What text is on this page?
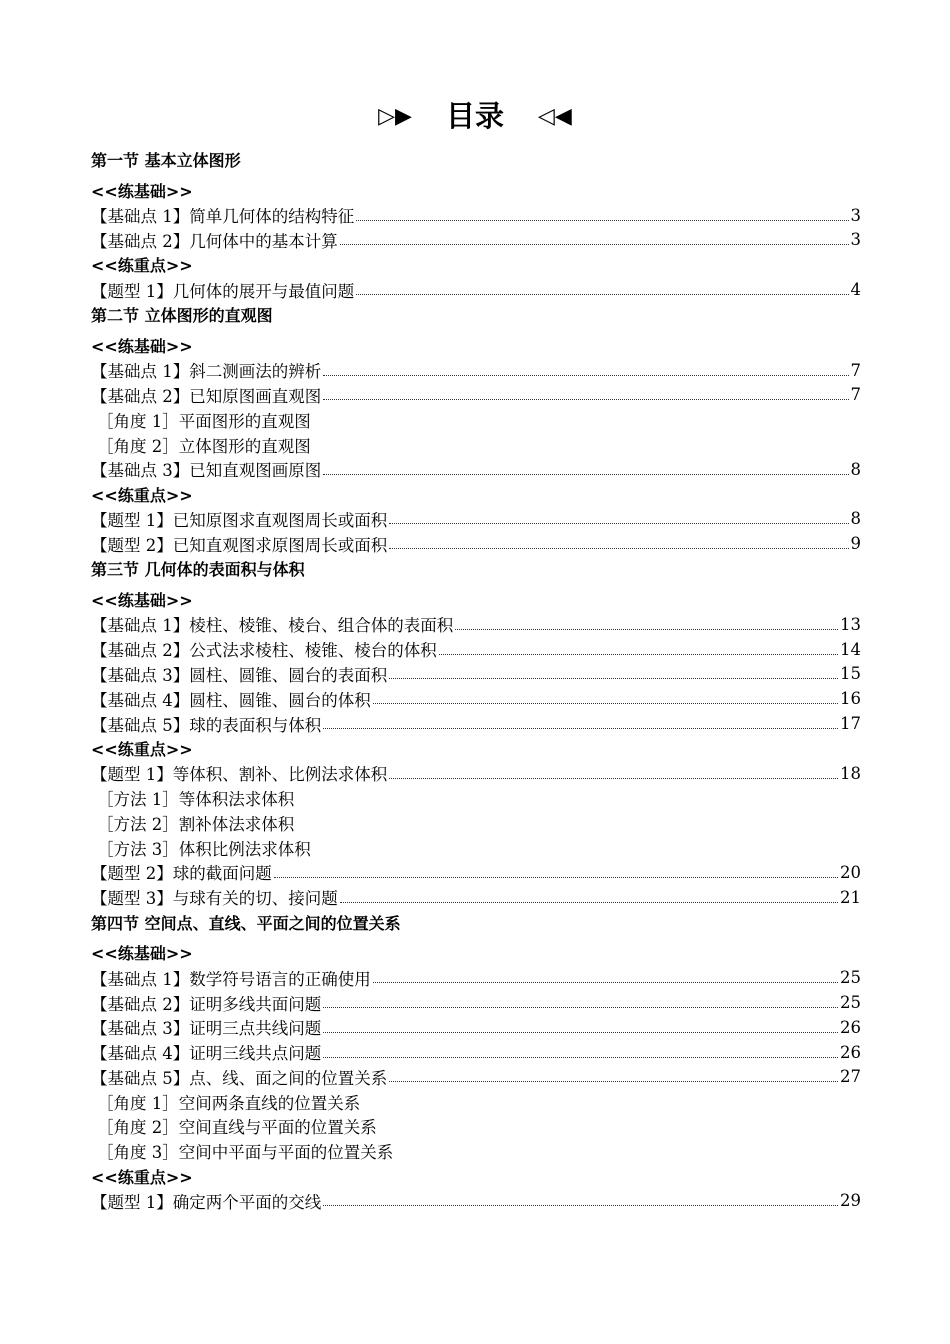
▷▶ 目录 ◁◀
第一节 基本立体图形
<<练基础>>
【基础点 1】简单几何体的结构特征	3
【基础点 2】几何体中的基本计算	3
<<练重点>>
【题型 1】几何体的展开与最值问题	4
第二节 立体图形的直观图
<<练基础>>
【基础点 1】斜二测画法的辨析	7
【基础点 2】已知原图画直观图	7
［角度 1］平面图形的直观图
［角度 2］立体图形的直观图
【基础点 3】已知直观图画原图	8
<<练重点>>
【题型 1】已知原图求直观图周长或面积	8
【题型 2】已知直观图求原图周长或面积	9
第三节 几何体的表面积与体积
<<练基础>>
【基础点 1】棱柱、棱锥、棱台、组合体的表面积	13
【基础点 2】公式法求棱柱、棱锥、棱台的体积	14
【基础点 3】圆柱、圆锥、圆台的表面积	15
【基础点 4】圆柱、圆锥、圆台的体积	16
【基础点 5】球的表面积与体积	17
<<练重点>>
【题型 1】等体积、割补、比例法求体积	18
［方法 1］等体积法求体积
［方法 2］割补体法求体积
［方法 3］体积比例法求体积
【题型 2】球的截面问题	20
【题型 3】与球有关的切、接问题	21
第四节 空间点、直线、平面之间的位置关系
<<练基础>>
【基础点 1】数学符号语言的正确使用	25
【基础点 2】证明多线共面问题	25
【基础点 3】证明三点共线问题	26
【基础点 4】证明三线共点问题	26
【基础点 5】点、线、面之间的位置关系	27
［角度 1］空间两条直线的位置关系
［角度 2］空间直线与平面的位置关系
［角度 3］空间中平面与平面的位置关系
<<练重点>>
【题型 1】确定两个平面的交线	29
